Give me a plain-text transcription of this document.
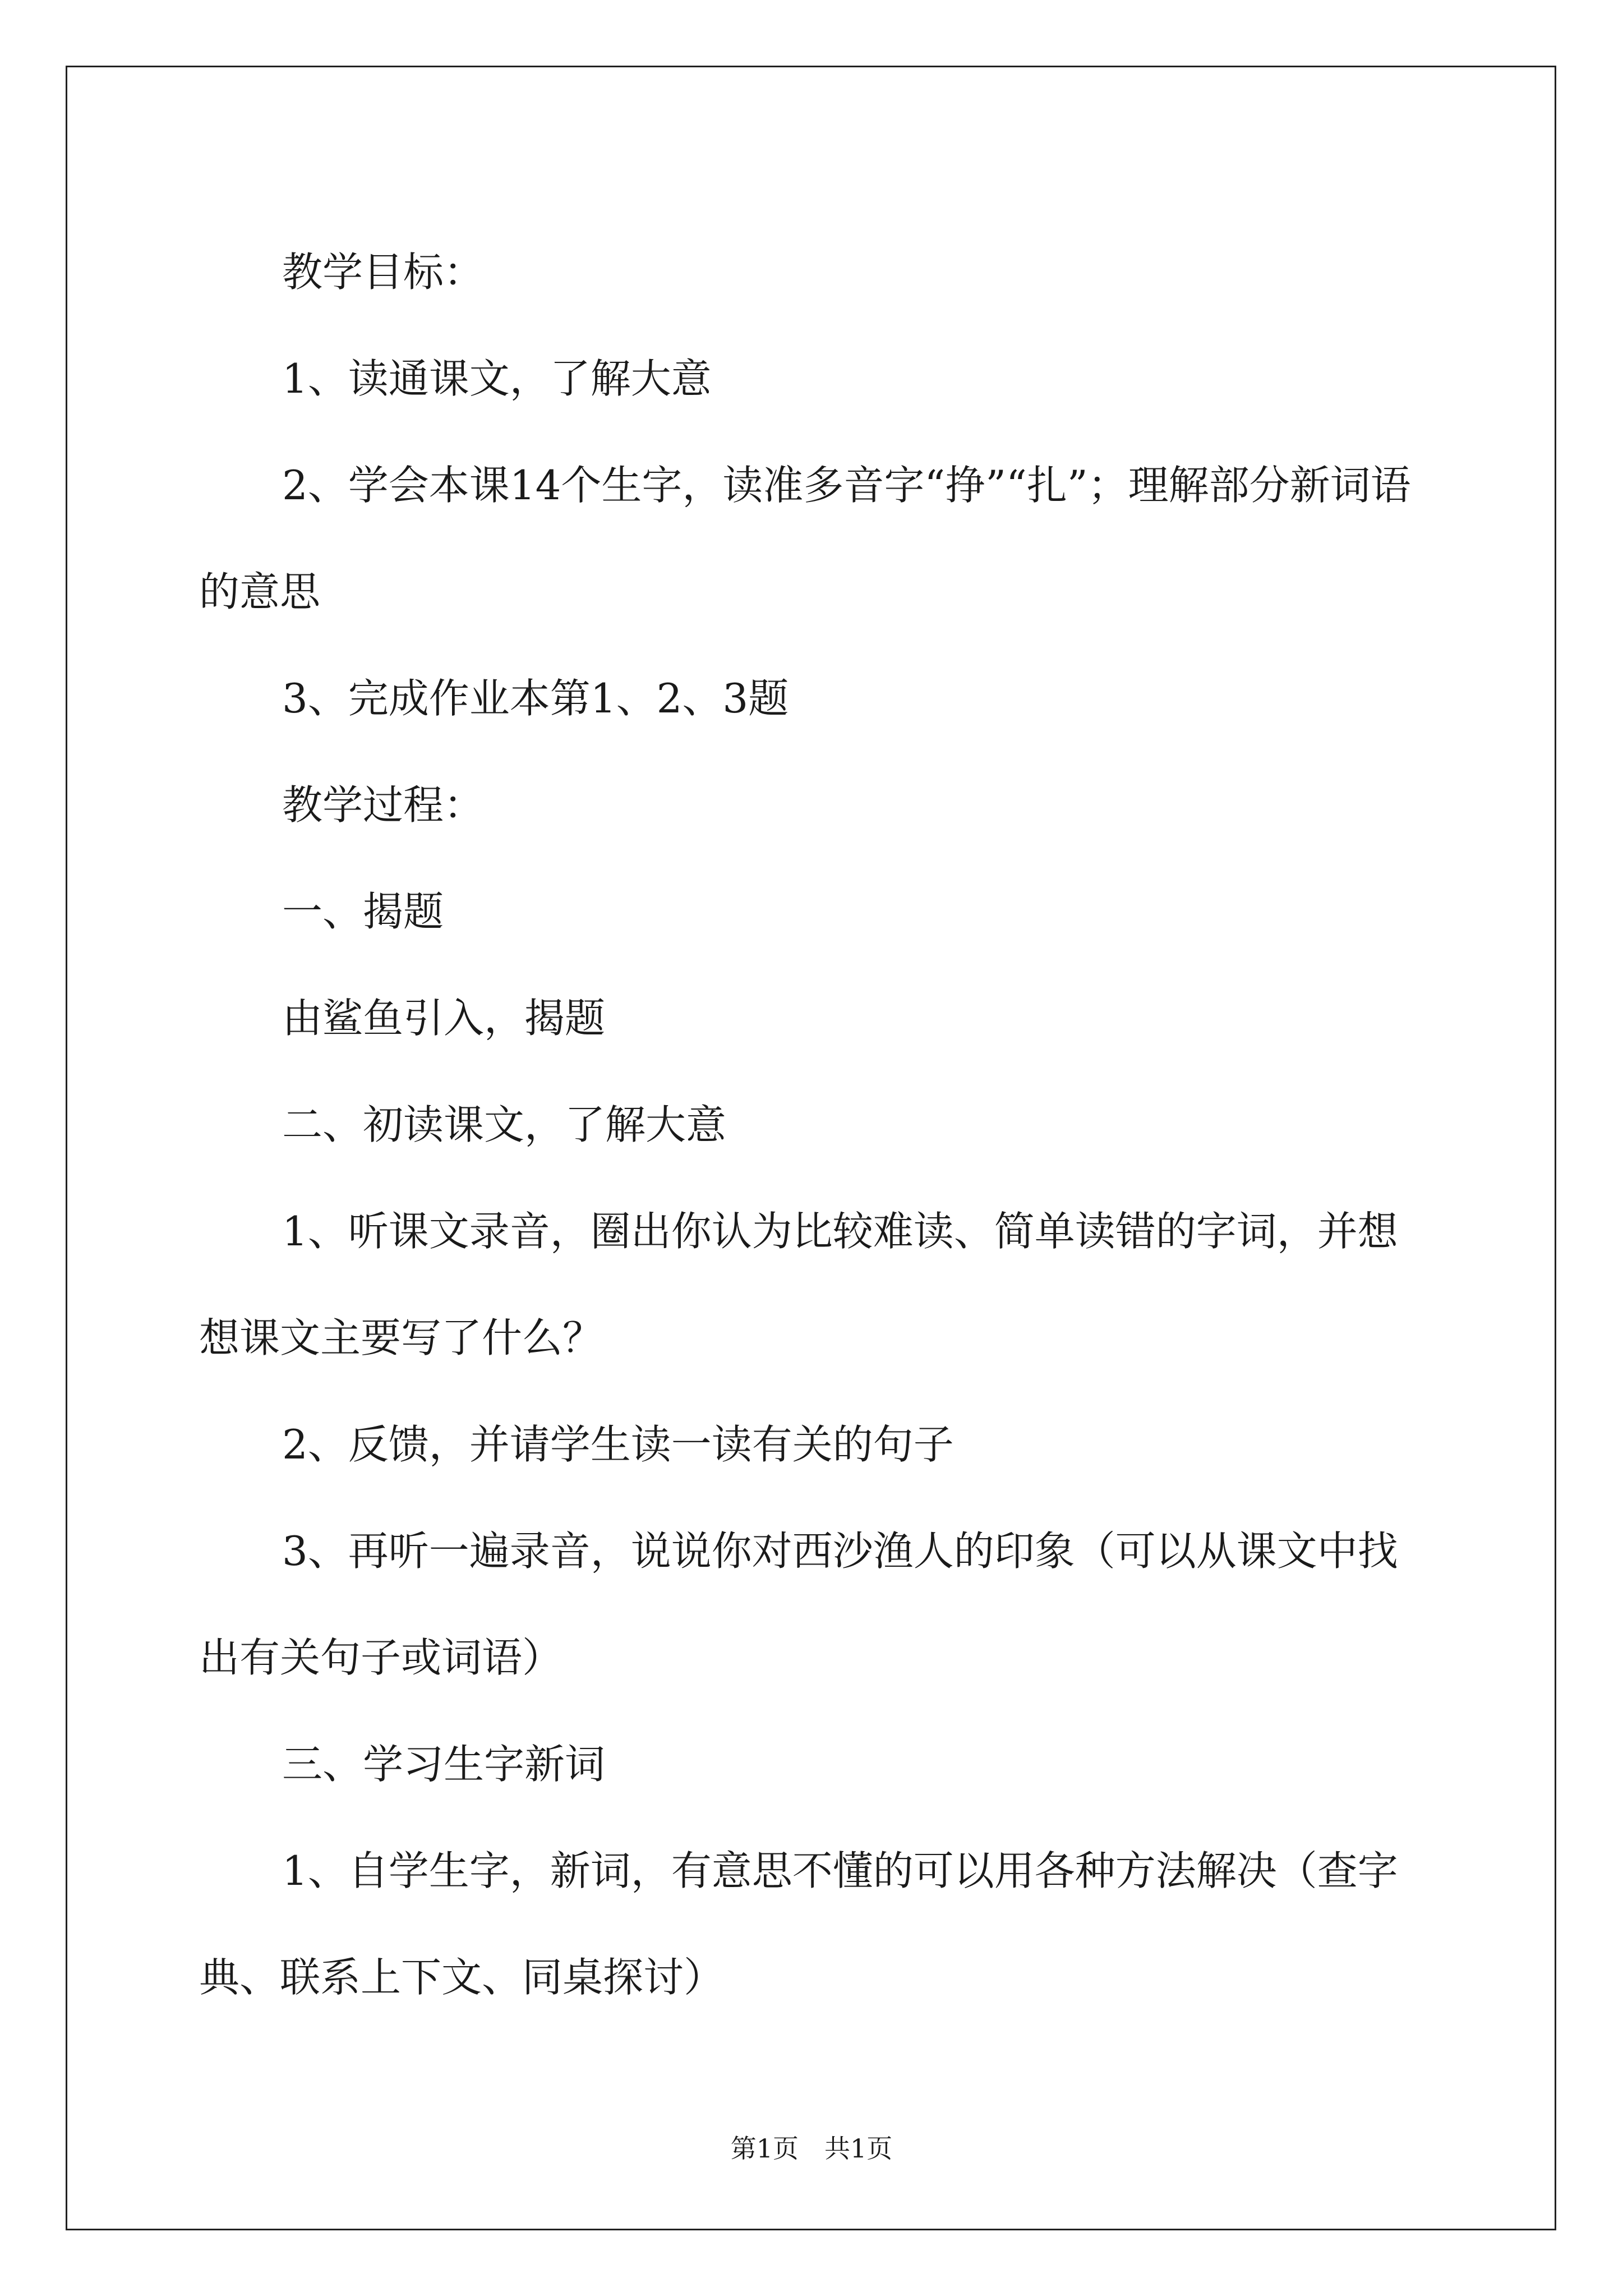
教学目标：

1、读通课文，了解大意

2、学会本课14个生字，读准多音字“挣”“扎”；理解部分新词语的意思

3、完成作业本第1、2、3题

教学过程：

一、揭题

由鲨鱼引入，揭题

二、初读课文，了解大意

1、听课文录音，圈出你认为比较难读、简单读错的字词，并想想课文主要写了什么？

2、反馈，并请学生读一读有关的句子

3、再听一遍录音，说说你对西沙渔人的印象（可以从课文中找出有关句子或词语）

三、学习生字新词

1、自学生字，新词，有意思不懂的可以用各种方法解决（查字典、联系上下文、同桌探讨）

第1页　共1页
